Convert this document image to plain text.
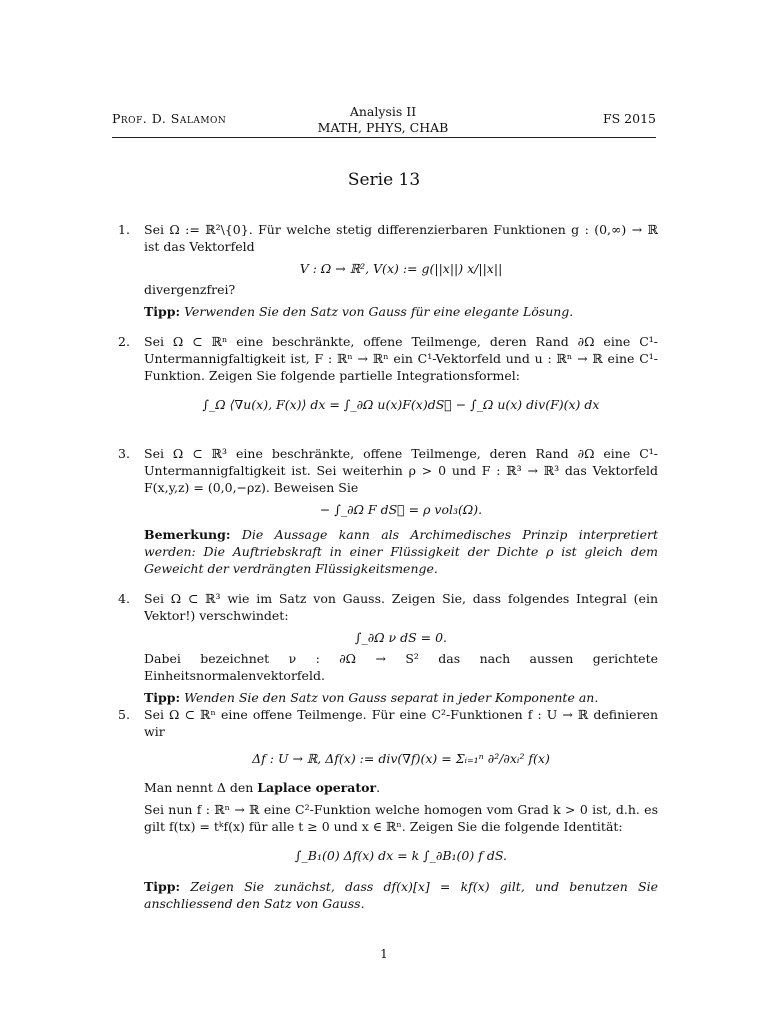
Prof. D. Salamon	Analysis II
MATH, PHYS, CHAB
FS 2015
Serie 13
1.	Sei Ω := ℝ²\{0}. Für welche stetig differenzierbaren Funktionen g : (0,∞) → ℝ ist das Vektorfeld

V : Ω → ℝ², V(x) := g(||x||) x/||x||

divergenzfrei?

Tipp: Verwenden Sie den Satz von Gauss für eine elegante Lösung.

2.	Sei Ω ⊂ ℝⁿ eine beschränkte, offene Teilmenge, deren Rand ∂Ω eine C¹-Untermannigfaltigkeit ist, F : ℝⁿ → ℝⁿ ein C¹-Vektorfeld und u : ℝⁿ → ℝ eine C¹-Funktion. Zeigen Sie folgende partielle Integrationsformel:

∫_Ω ⟨∇u(x), F(x)⟩ dx = ∫_∂Ω u(x)F(x)dS⃗ − ∫_Ω u(x) div(F)(x) dx
3.	Sei Ω ⊂ ℝ³ eine beschränkte, offene Teilmenge, deren Rand ∂Ω eine C¹-Untermannigfaltigkeit ist. Sei weiterhin ρ > 0 und F : ℝ³ → ℝ³ das Vektorfeld F(x,y,z) = (0,0,−ρz). Beweisen Sie

− ∫_∂Ω F dS⃗ = ρ vol₃(Ω).

Bemerkung: Die Aussage kann als Archimedisches Prinzip interpretiert werden: Die Auftriebskraft in einer Flüssigkeit der Dichte ρ ist gleich dem Geweicht der verdrängten Flüssigkeitsmenge.

4.	Sei Ω ⊂ ℝ³ wie im Satz von Gauss. Zeigen Sie, dass folgendes Integral (ein Vektor!) verschwindet:

∫_∂Ω ν dS = 0.

Dabei bezeichnet ν : ∂Ω → S² das nach aussen gerichtete Einheitsnormalenvektorfeld.

Tipp: Wenden Sie den Satz von Gauss separat in jeder Komponente an.

5.	Sei Ω ⊂ ℝⁿ eine offene Teilmenge. Für eine C²-Funktionen f : U → ℝ definieren wir

Δf : U → ℝ, Δf(x) := div(∇f)(x) = Σᵢ₌₁ⁿ ∂²/∂xᵢ² f(x)

Man nennt Δ den Laplace operator.

Sei nun f : ℝⁿ → ℝ eine C²-Funktion welche homogen vom Grad k > 0 ist, d.h. es gilt f(tx) = tᵏf(x) für alle t ≥ 0 und x ∈ ℝⁿ. Zeigen Sie die folgende Identität:

∫_B₁(0) Δf(x) dx = k ∫_∂B₁(0) f dS.

Tipp: Zeigen Sie zunächst, dass df(x)[x] = kf(x) gilt, und benutzen Sie anschliessend den Satz von Gauss.

1
